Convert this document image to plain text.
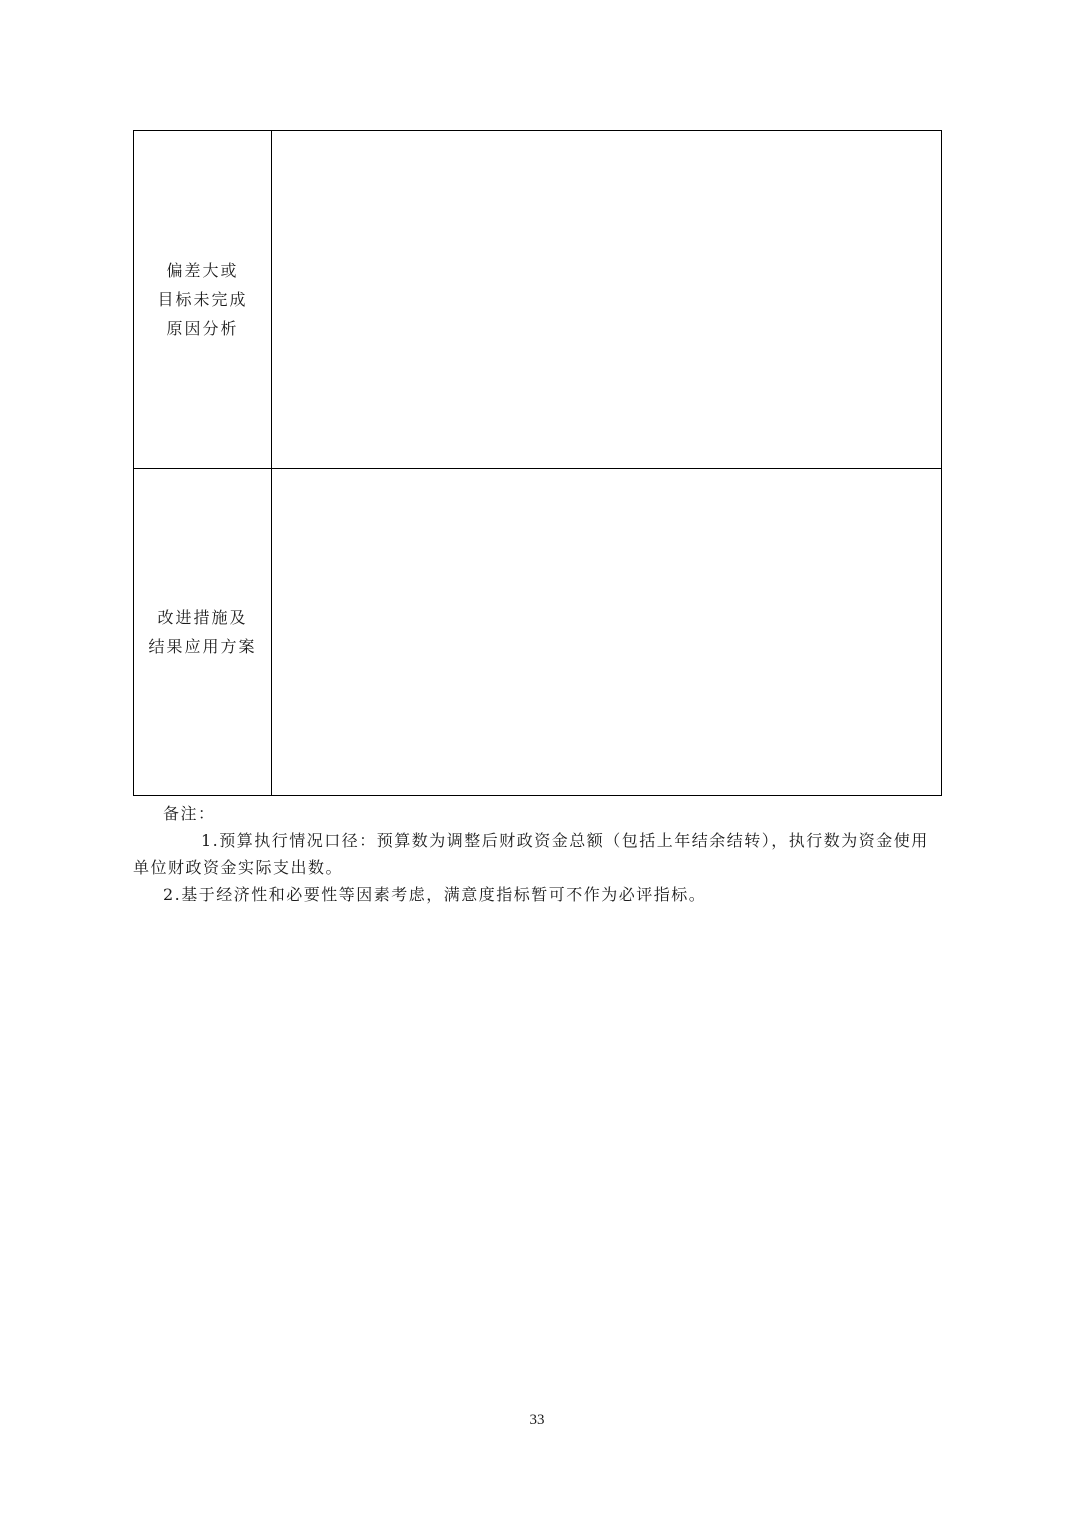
偏差大或
目标未完成
原因分析	

改进措施及
结果应用方案	

备注：

1.预算执行情况口径：预算数为调整后财政资金总额（包括上年结余结转），执行数为资金使用单位财政资金实际支出数。

2.基于经济性和必要性等因素考虑，满意度指标暂可不作为必评指标。

33
